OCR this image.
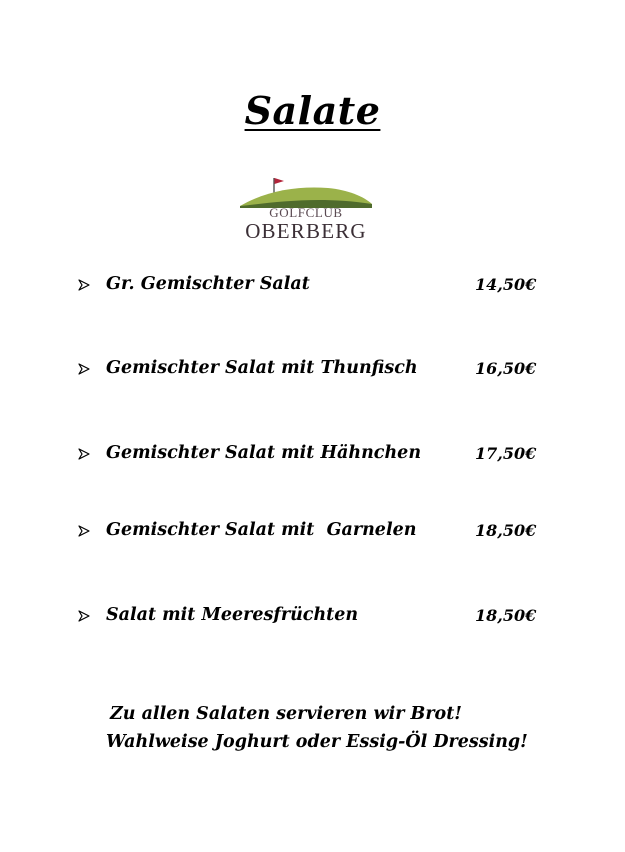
Salate
GOLFCLUB
OBERBERG
Gr. Gemischter Salat	14,50€
Gemischter Salat mit Thunfisch	16,50€
Gemischter Salat mit Hähnchen	17,50€
Gemischter Salat mit  Garnelen	18,50€
Salat mit Meeresfrüchten	18,50€
Zu allen Salaten servieren wir Brot!
Wahlweise Joghurt oder Essig-Öl Dressing!
